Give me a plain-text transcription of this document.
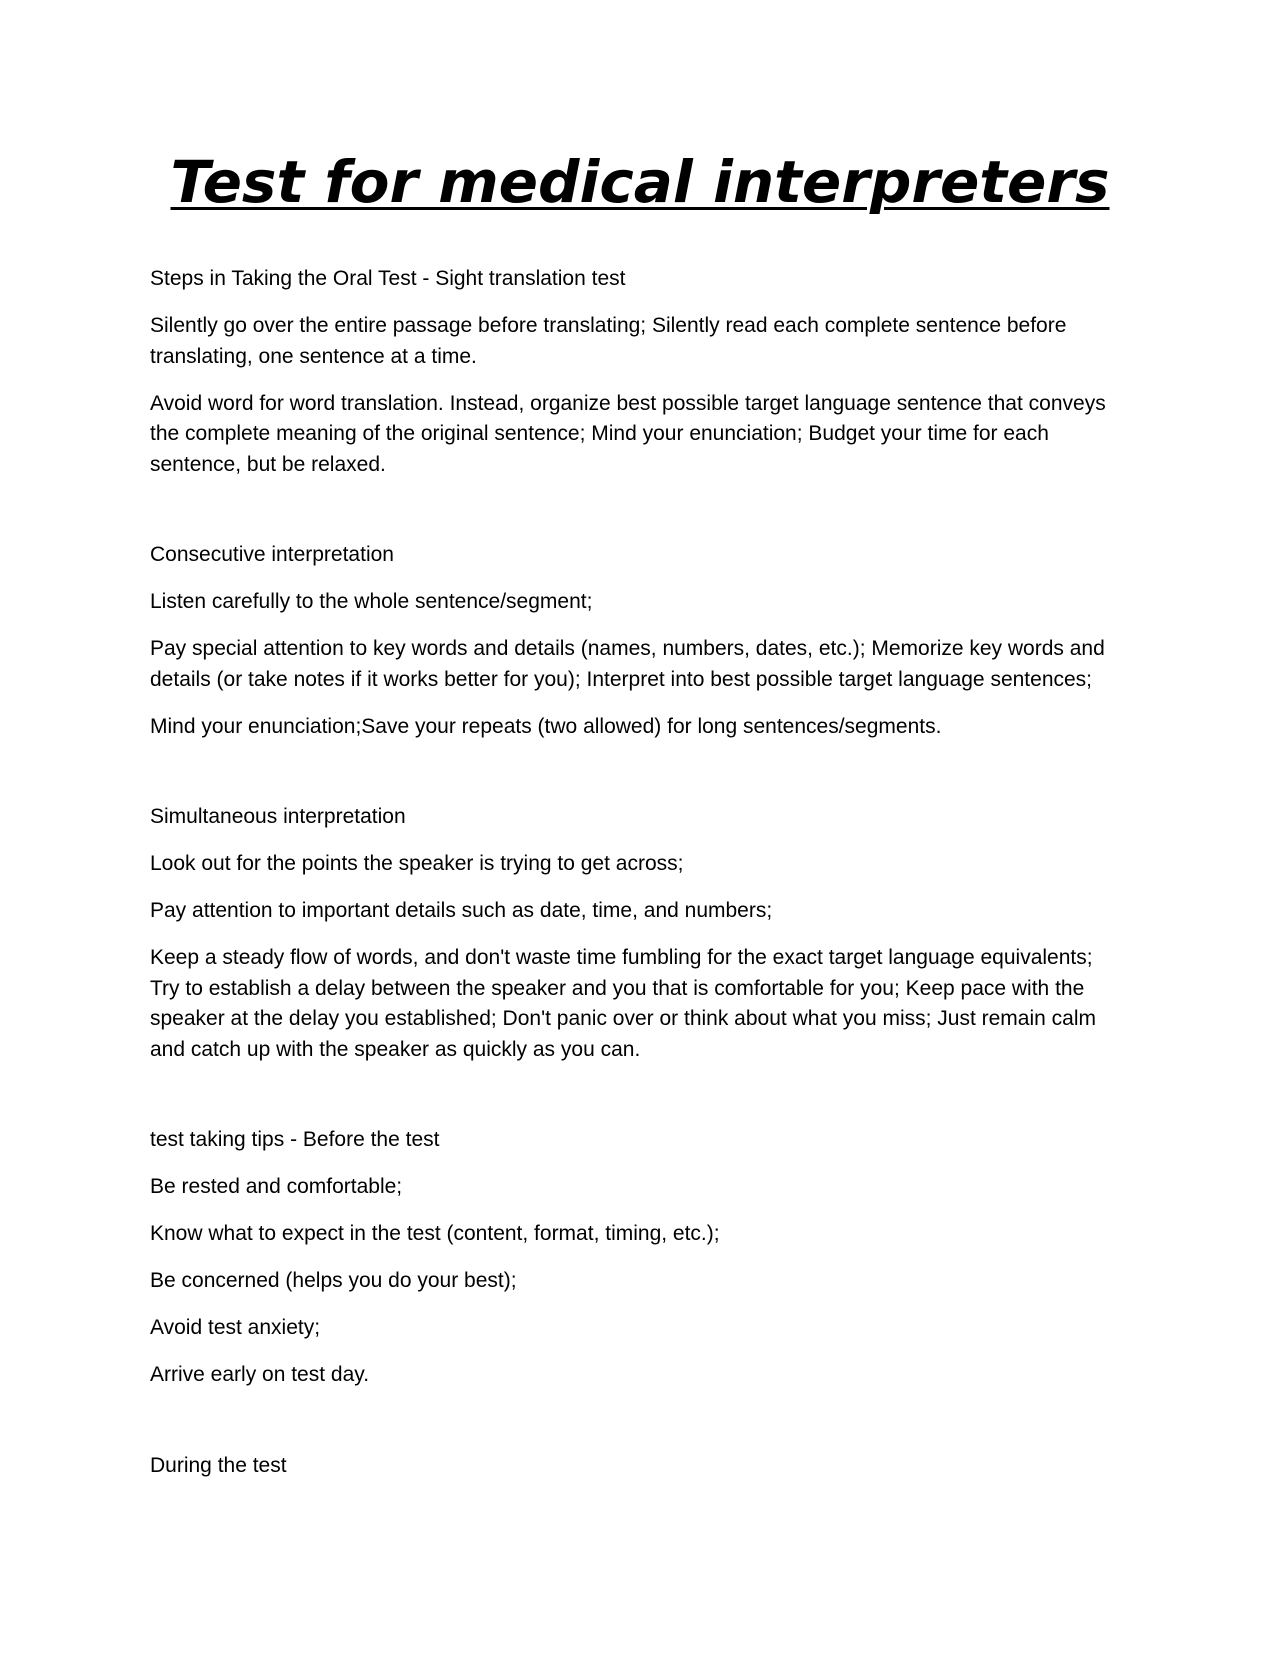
Test for medical interpreters

Steps in Taking the Oral Test - Sight translation test

Silently go over the entire passage before translating; Silently read each complete sentence before translating, one sentence at a time.

Avoid word for word translation. Instead, organize best possible target language sentence that conveys the complete meaning of the original sentence; Mind your enunciation; Budget your time for each sentence, but be relaxed.

Consecutive interpretation

Listen carefully to the whole sentence/segment;

Pay special attention to key words and details (names, numbers, dates, etc.); Memorize key words and details (or take notes if it works better for you); Interpret into best possible target language sentences;

Mind your enunciation;Save your repeats (two allowed) for long sentences/segments.

Simultaneous interpretation

Look out for the points the speaker is trying to get across;

Pay attention to important details such as date, time, and numbers;

Keep a steady flow of words, and don't waste time fumbling for the exact target language equivalents; Try to establish a delay between the speaker and you that is comfortable for you; Keep pace with the speaker at the delay you established; Don't panic over or think about what you miss; Just remain calm and catch up with the speaker as quickly as you can.

test taking tips - Before the test

Be rested and comfortable;

Know what to expect in the test (content, format, timing, etc.);

Be concerned (helps you do your best);

Avoid test anxiety;

Arrive early on test day.

During the test
